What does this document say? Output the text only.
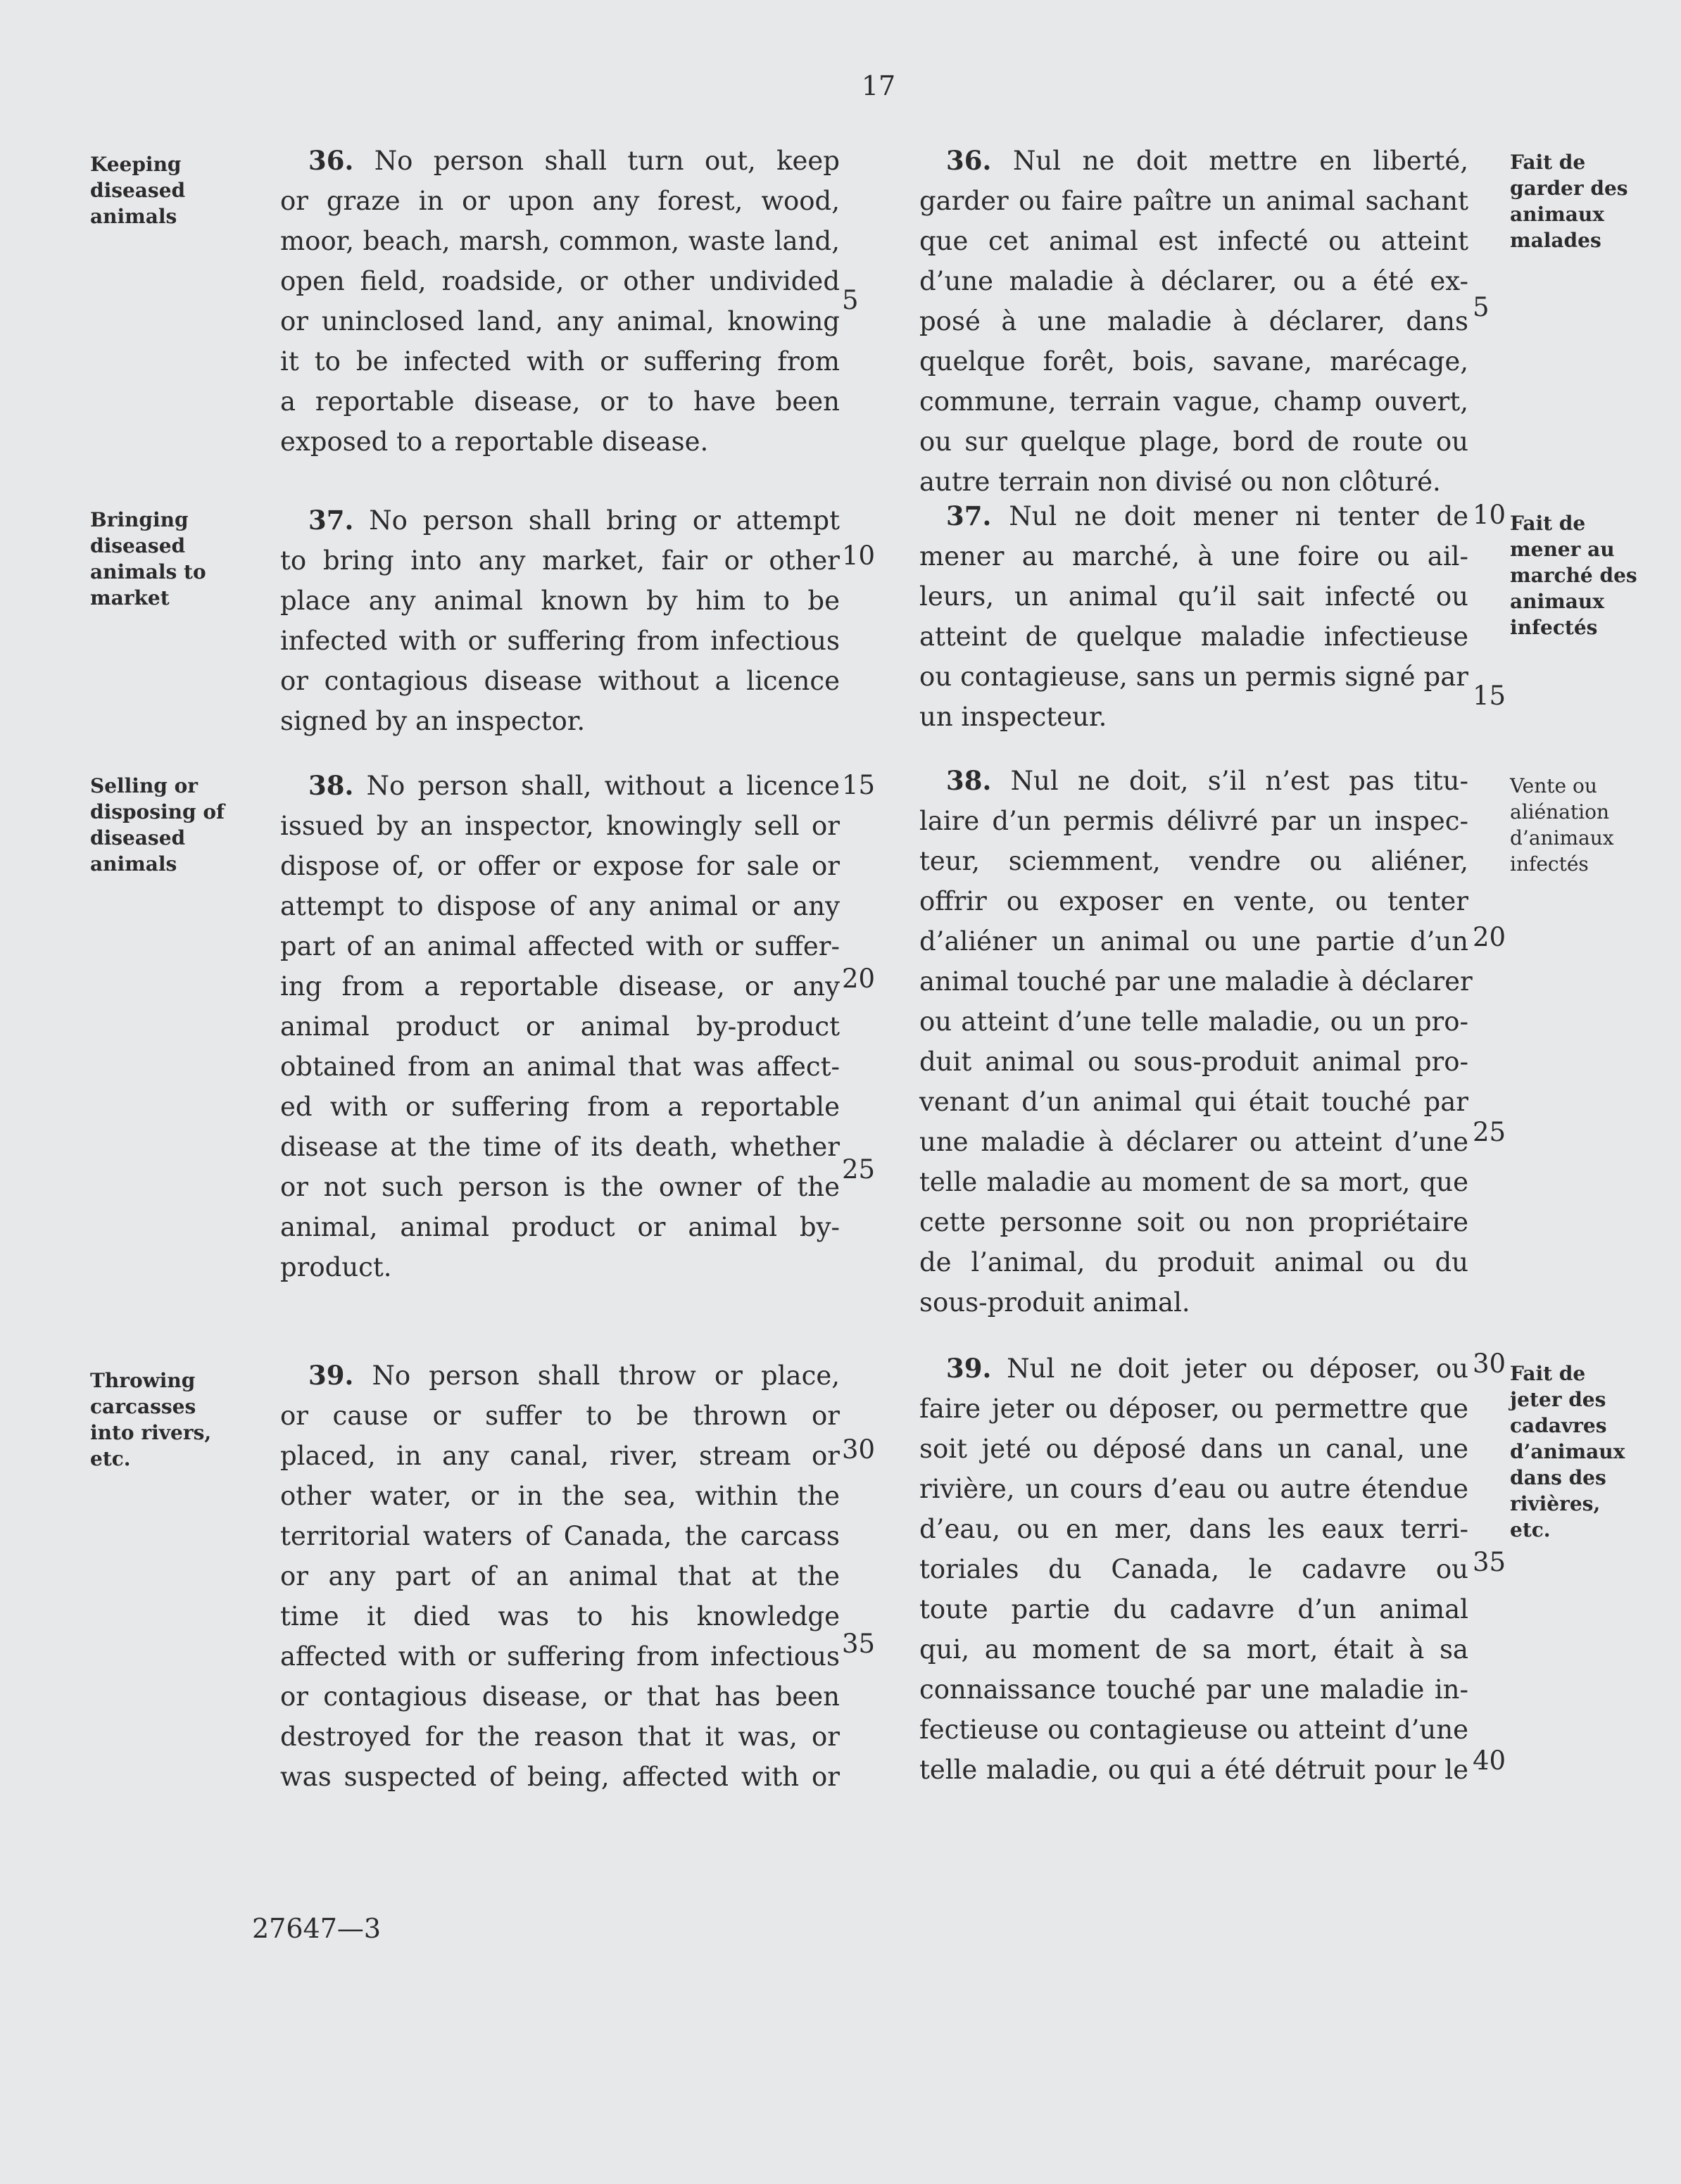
17
Keeping
diseased
animals
36. No person shall turn out, keep
or graze in or upon any forest, wood,
moor, beach, marsh, common, waste land,
open field, roadside, or other undivided
or uninclosed land, any animal, knowing
it to be infected with or suffering from
a reportable disease, or to have been
exposed to a reportable disease.
36. Nul ne doit mettre en liberté,
garder ou faire paître un animal sachant
que cet animal est infecté ou atteint
d’une maladie à déclarer, ou a été ex-
posé à une maladie à déclarer, dans
quelque forêt, bois, savane, marécage,
commune, terrain vague, champ ouvert,
ou sur quelque plage, bord de route ou
autre terrain non divisé ou non clôturé.
Fait de
garder des
animaux
malades
Bringing
diseased
animals to
market
37. No person shall bring or attempt
to bring into any market, fair or other
place any animal known by him to be
infected with or suffering from infectious
or contagious disease without a licence
signed by an inspector.
37. Nul ne doit mener ni tenter de
mener au marché, à une foire ou ail-
leurs, un animal qu’il sait infecté ou
atteint de quelque maladie infectieuse
ou contagieuse, sans un permis signé par
un inspecteur.
Fait de
mener au
marché des
animaux
infectés
Selling or
disposing of
diseased
animals
38. No person shall, without a licence
issued by an inspector, knowingly sell or
dispose of, or offer or expose for sale or
attempt to dispose of any animal or any
part of an animal affected with or suffer-
ing from a reportable disease, or any
animal product or animal by-product
obtained from an animal that was affect-
ed with or suffering from a reportable
disease at the time of its death, whether
or not such person is the owner of the
animal, animal product or animal by-
product.
38. Nul ne doit, s’il n’est pas titu-
laire d’un permis délivré par un inspec-
teur, sciemment, vendre ou aliéner,
offrir ou exposer en vente, ou tenter
d’aliéner un animal ou une partie d’un
animal touché par une maladie à déclarer
ou atteint d’une telle maladie, ou un pro-
duit animal ou sous-produit animal pro-
venant d’un animal qui était touché par
une maladie à déclarer ou atteint d’une
telle maladie au moment de sa mort, que
cette personne soit ou non propriétaire
de l’animal, du produit animal ou du
sous-produit animal.
Vente ou
aliénation
d’animaux
infectés
Throwing
carcasses
into rivers,
etc.
39. No person shall throw or place,
or cause or suffer to be thrown or
placed, in any canal, river, stream or
other water, or in the sea, within the
territorial waters of Canada, the carcass
or any part of an animal that at the
time it died was to his knowledge
affected with or suffering from infectious
or contagious disease, or that has been
destroyed for the reason that it was, or
was suspected of being, affected with or
39. Nul ne doit jeter ou déposer, ou
faire jeter ou déposer, ou permettre que
soit jeté ou déposé dans un canal, une
rivière, un cours d’eau ou autre étendue
d’eau, ou en mer, dans les eaux terri-
toriales du Canada, le cadavre ou
toute partie du cadavre d’un animal
qui, au moment de sa mort, était à sa
connaissance touché par une maladie in-
fectieuse ou contagieuse ou atteint d’une
telle maladie, ou qui a été détruit pour le
Fait de
jeter des
cadavres
d’animaux
dans des
rivières,
etc.
5
10
15
20
25
30
35
5
10
15
20
25
30
35
40
27647—3
